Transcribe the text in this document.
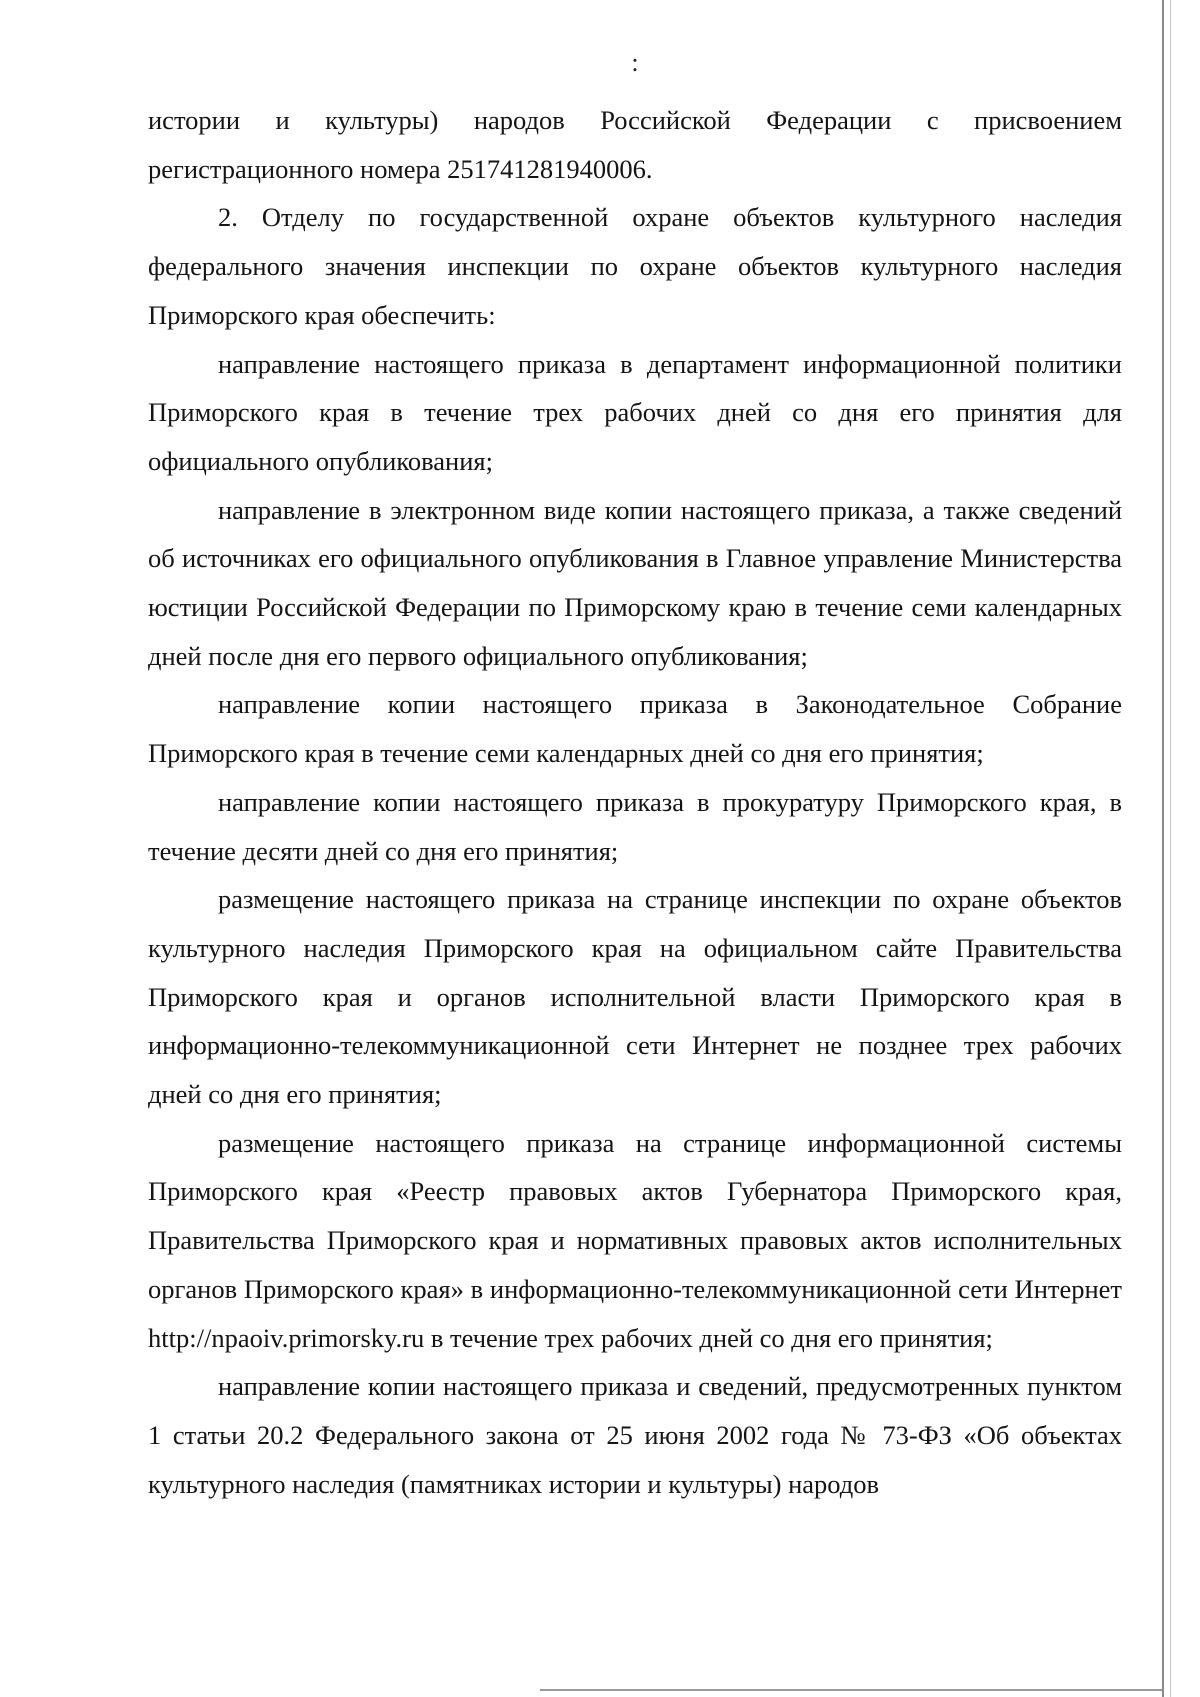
:

истории и культуры) народов Российской Федерации с присвоением регистрационного номера 251741281940006.

2. Отделу по государственной охране объектов культурного наследия федерального значения инспекции по охране объектов культурного наследия Приморского края обеспечить:

направление настоящего приказа в департамент информационной политики Приморского края в течение трех рабочих дней со дня его принятия для официального опубликования;

направление в электронном виде копии настоящего приказа, а также сведений об источниках его официального опубликования в Главное управление Министерства юстиции Российской Федерации по Приморскому краю в течение семи календарных дней после дня его первого официального опубликования;

направление копии настоящего приказа в Законодательное Собрание Приморского края в течение семи календарных дней со дня его принятия;

направление копии настоящего приказа в прокуратуру Приморского края, в течение десяти дней со дня его принятия;

размещение настоящего приказа на странице инспекции по охране объектов культурного наследия Приморского края на официальном сайте Правительства Приморского края и органов исполнительной власти Приморского края в информационно-телекоммуникационной сети Интернет не позднее трех рабочих дней со дня его принятия;

размещение настоящего приказа на странице информационной системы Приморского края «Реестр правовых актов Губернатора Приморского края, Правительства Приморского края и нормативных правовых актов исполнительных органов Приморского края» в информационно-телекоммуникационной сети Интернет http://npaoiv.primorsky.ru в течение трех рабочих дней со дня его принятия;

направление копии настоящего приказа и сведений, предусмотренных пунктом 1 статьи 20.2 Федерального закона от 25 июня 2002 года № 73-ФЗ «Об объектах культурного наследия (памятниках истории и культуры) народов
